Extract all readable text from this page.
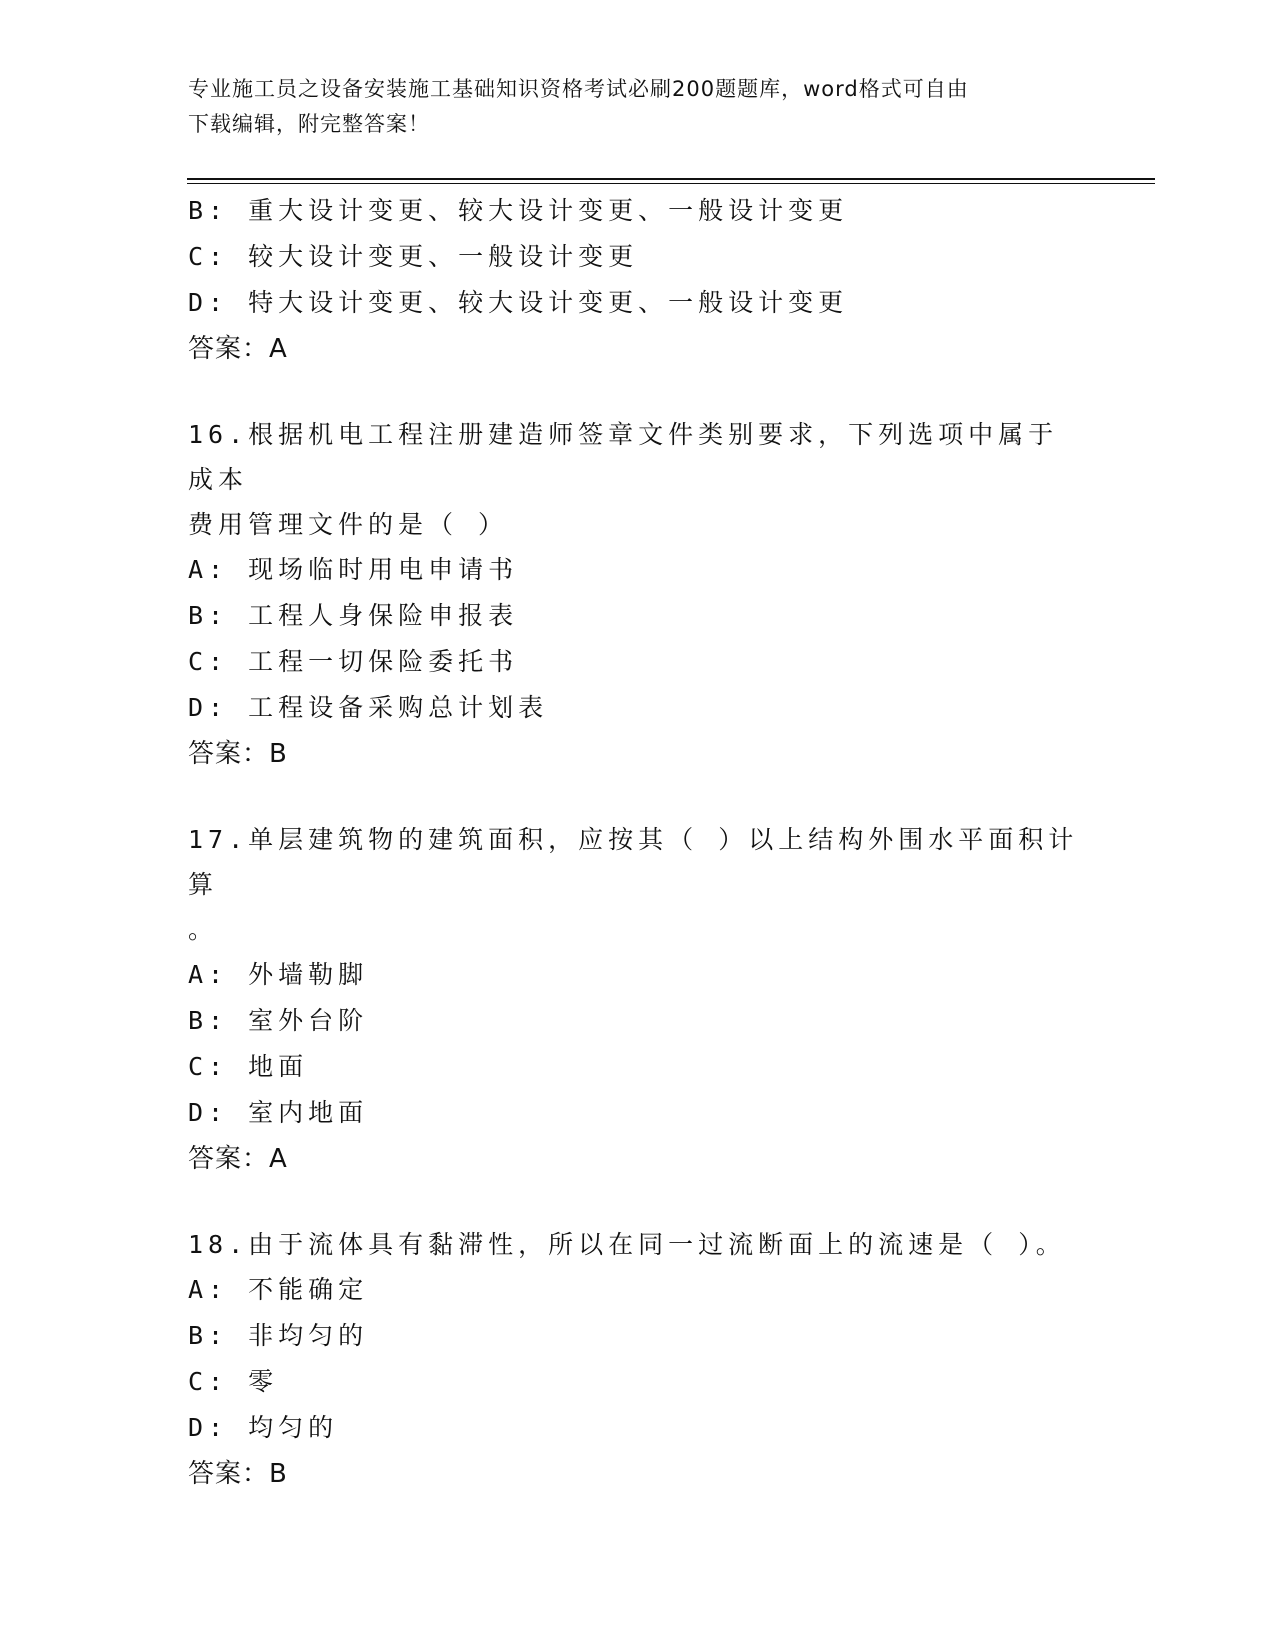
专业施工员之设备安装施工基础知识资格考试必刷200题题库，word格式可自由
下载编辑，附完整答案！
B: 重大设计变更、较大设计变更、一般设计变更
C: 较大设计变更、一般设计变更
D: 特大设计变更、较大设计变更、一般设计变更
答案：A
16.根据机电工程注册建造师签章文件类别要求，下列选项中属于成本
费用管理文件的是（ ）
A: 现场临时用电申请书
B: 工程人身保险申报表
C: 工程一切保险委托书
D: 工程设备采购总计划表
答案：B
17.单层建筑物的建筑面积，应按其（ ）以上结构外围水平面积计算
。
A: 外墙勒脚
B: 室外台阶
C: 地面
D: 室内地面
答案：A
18.由于流体具有黏滞性，所以在同一过流断面上的流速是（ ）。
A: 不能确定
B: 非均匀的
C: 零
D: 均匀的
答案：B
